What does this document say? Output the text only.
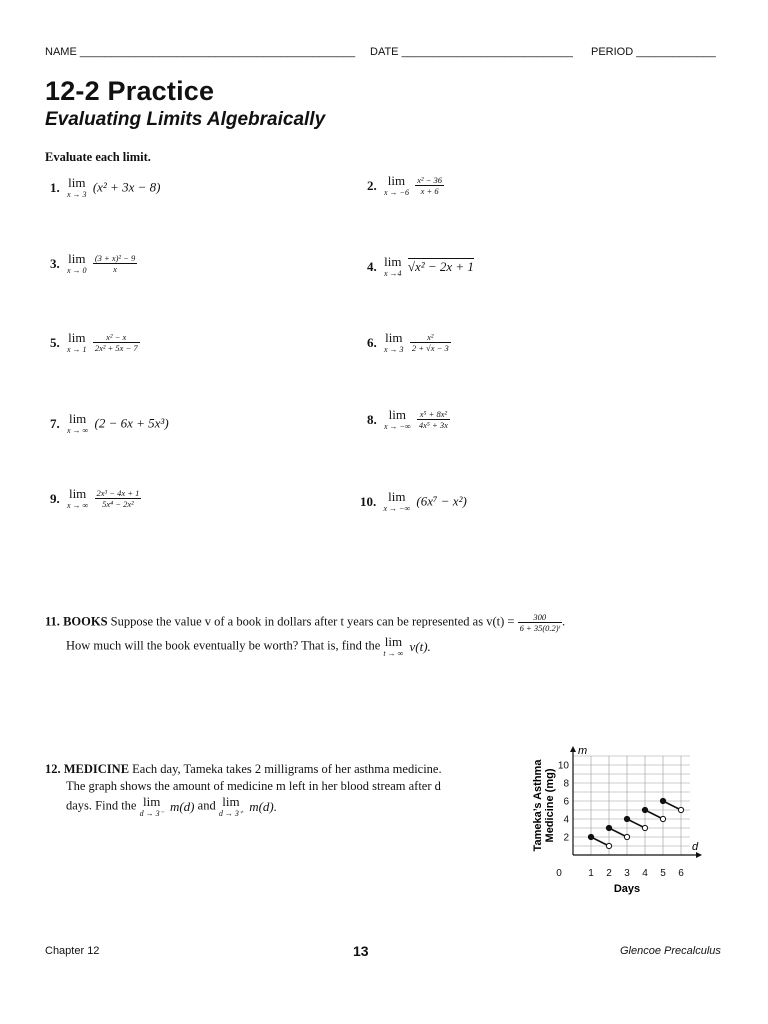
NAME _____________________________________________ DATE ____________________________ PERIOD _____________
12-2 Practice
Evaluating Limits Algebraically
Evaluate each limit.
1. lim
x → 3 (x² + 3x − 8)	2. lim
x → −6
$\frac{\text{x² − 36}}{x + 6}$
3. lim
x → 0
$\frac{\text{(3 + x)² − 9}}{x}$	4. lim
x →4 √x² − 2x + 1
5. lim
x → 1
$\frac{\text{x² − x}}{\text{2x² + 5x − 7}}$	6. lim
x → 3
$\frac{\text{x²}}{2 + √x - 3}$
7. lim
x → ∞ (2 − 6x + 5x³)	8. lim
x → −∞
$\frac{\text{x⁵ + 8x²}}{\text{4x⁵ + 3x}}$
9. lim
x → ∞
$\frac{\text{2x³ − 4x + 1}}{\text{5x⁴ − 2x²}}$	10. lim
x → −∞ (6x⁷ − x²)
11. BOOKS Suppose the value v of a book in dollars after t years can be represented as $v(t) = \frac{300}{\text{6 + 35(0.2)ᵗ}}$ .
How much will the book eventually be worth? That is, find the lim
t → ∞ v(t).
12. MEDICINE Each day, Tameka takes 2 milligrams of her asthma medicine.
The graph shows the amount of medicine m left in her blood stream after d
days. Find the lim
d → 3⁻ m(d) and lim
d → 3⁺ m(d).
0	1 2 3 4 5 6
2
4
6
8
10
Tameka’s AsthmaMedicine (mg)
Days
m
d
Chapter 12	13	Glencoe Precalculus
